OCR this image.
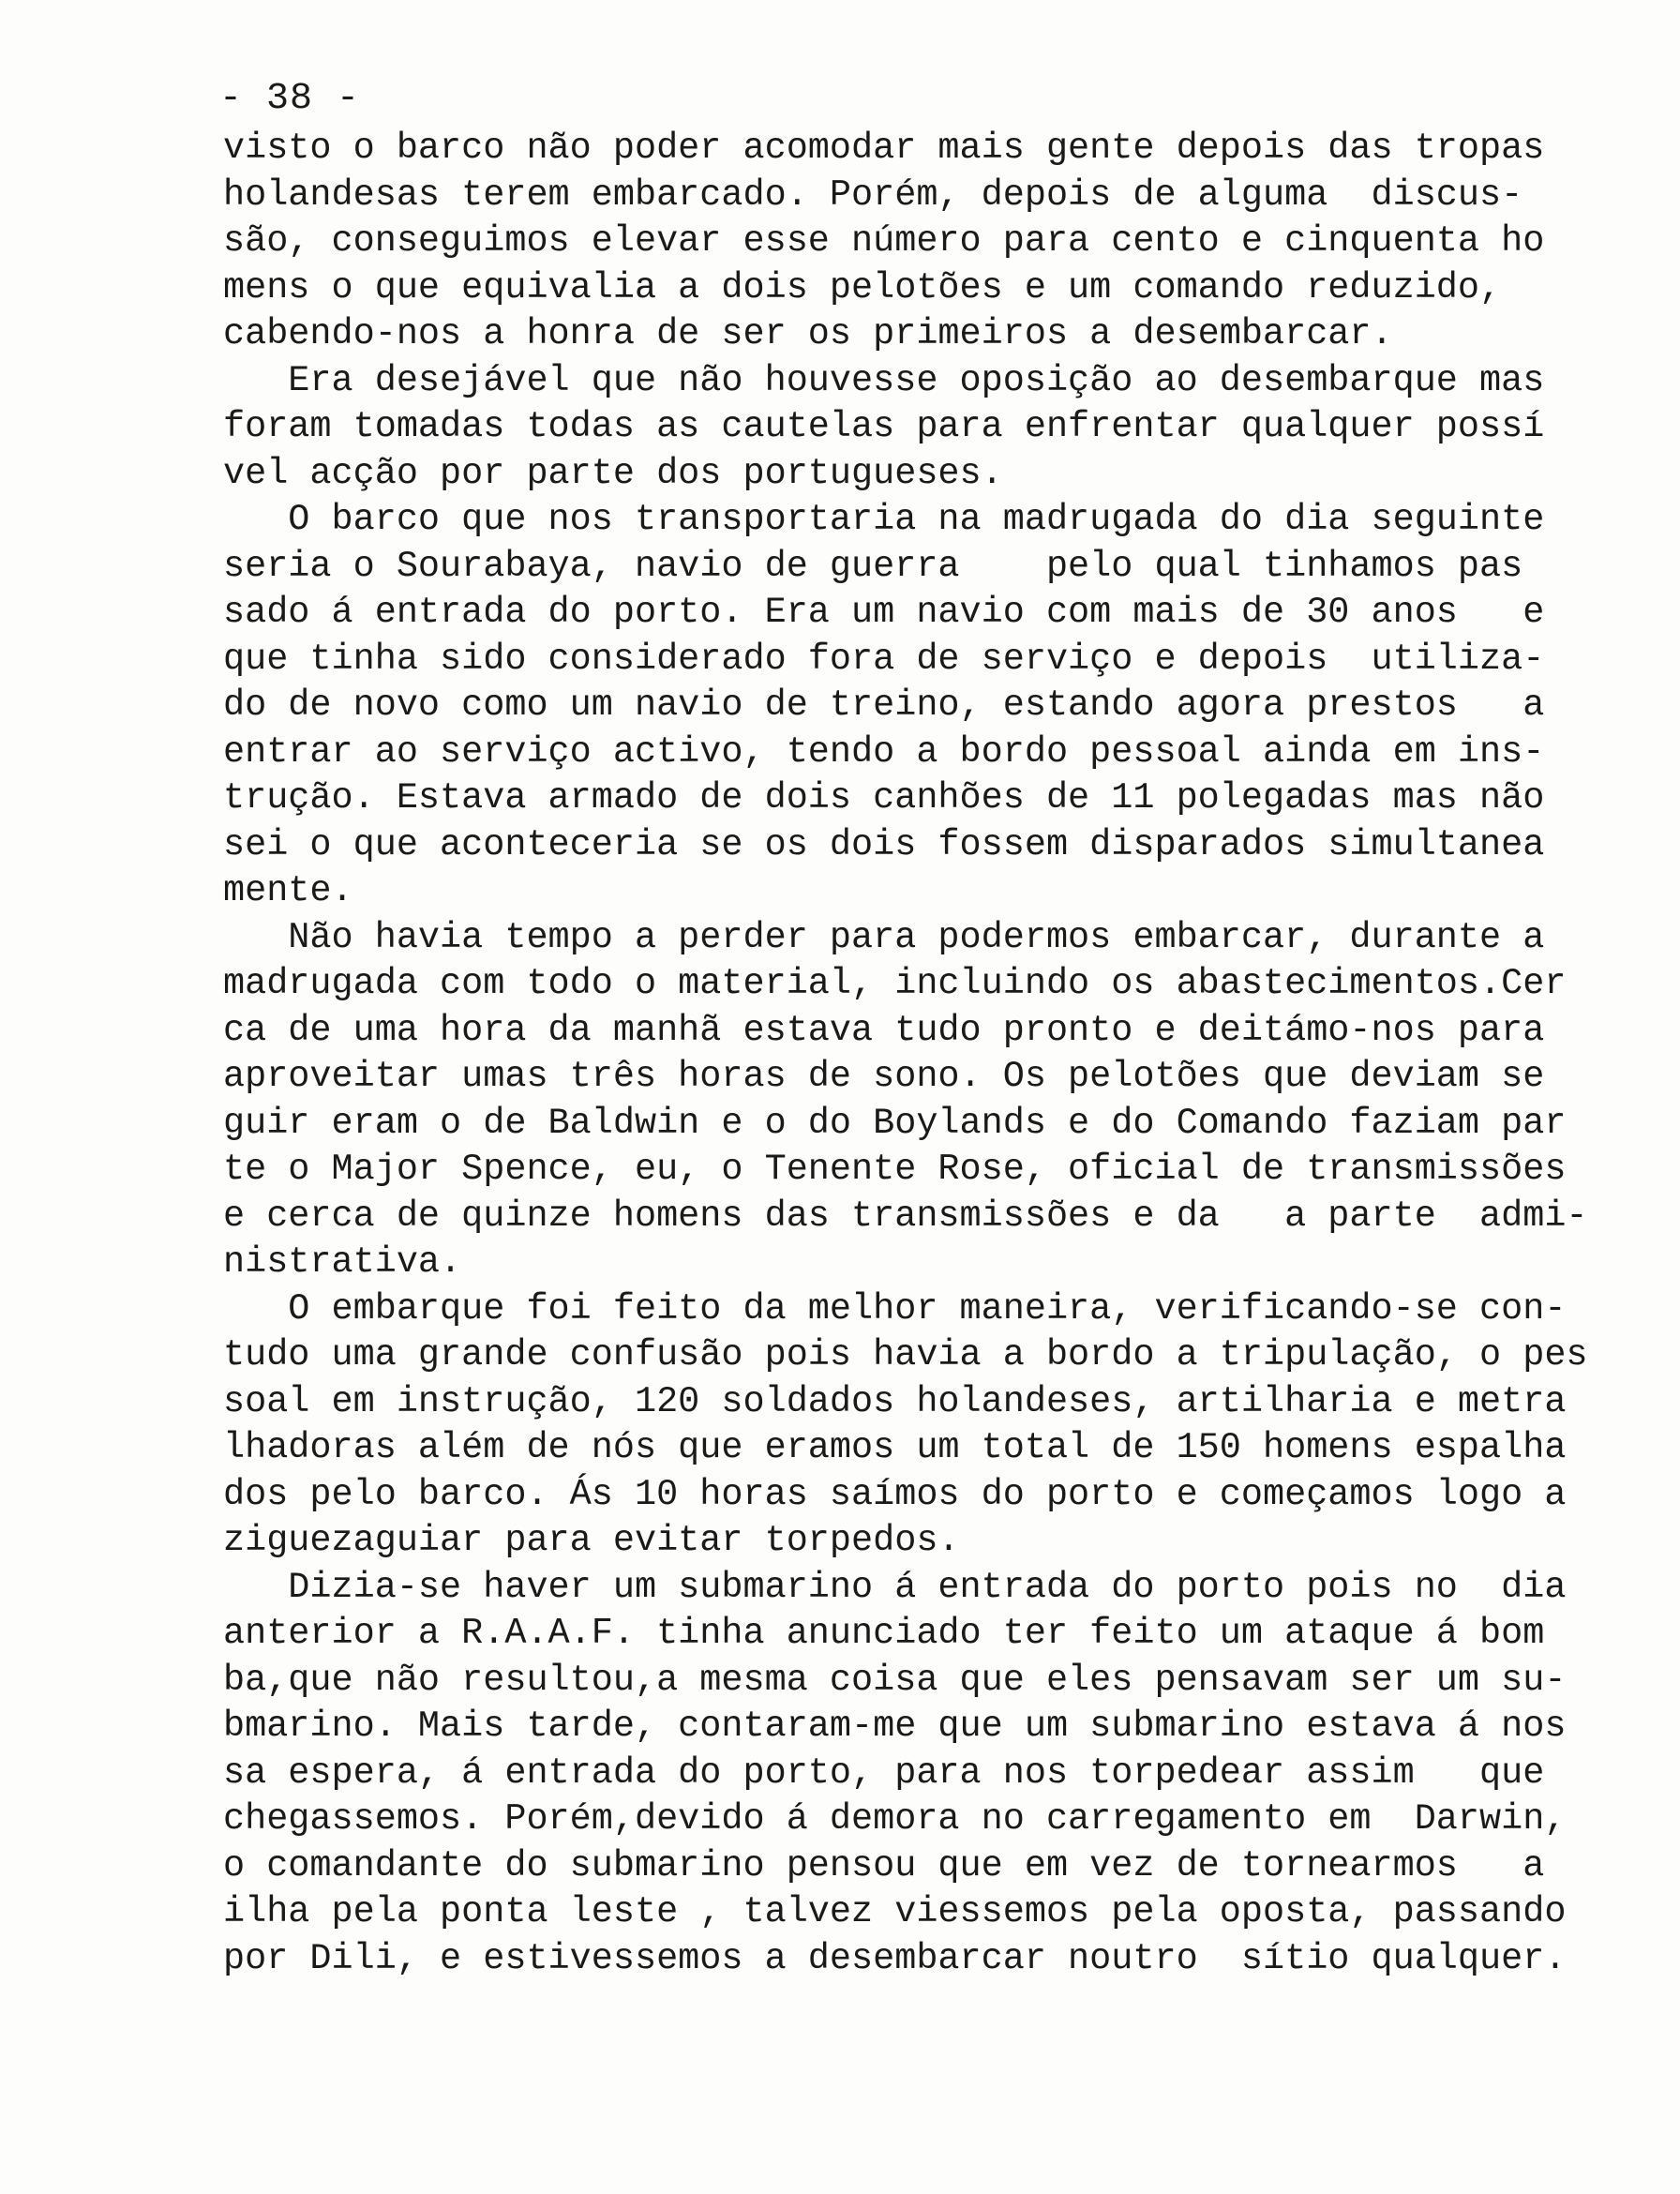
- 38 -
visto o barco não poder acomodar mais gente depois das tropas
holandesas terem embarcado. Porém, depois de alguma  discus-
são, conseguimos elevar esse número para cento e cinquenta ho
mens o que equivalia a dois pelotões e um comando reduzido,
cabendo-nos a honra de ser os primeiros a desembarcar.
Era desejável que não houvesse oposição ao desembarque mas
foram tomadas todas as cautelas para enfrentar qualquer possí
vel acção por parte dos portugueses.
O barco que nos transportaria na madrugada do dia seguinte
seria o Sourabaya, navio de guerra    pelo qual tinhamos pas
sado á entrada do porto. Era um navio com mais de 30 anos   e
que tinha sido considerado fora de serviço e depois  utiliza-
do de novo como um navio de treino, estando agora prestos   a
entrar ao serviço activo, tendo a bordo pessoal ainda em ins-
trução. Estava armado de dois canhões de 11 polegadas mas não
sei o que aconteceria se os dois fossem disparados simultanea
mente.
Não havia tempo a perder para podermos embarcar, durante a
madrugada com todo o material, incluindo os abastecimentos.Cer
ca de uma hora da manhã estava tudo pronto e deitámo-nos para
aproveitar umas três horas de sono. Os pelotões que deviam se
guir eram o de Baldwin e o do Boylands e do Comando faziam par
te o Major Spence, eu, o Tenente Rose, oficial de transmissões
e cerca de quinze homens das transmissões e da   a parte  admi-
nistrativa.
O embarque foi feito da melhor maneira, verificando-se con-
tudo uma grande confusão pois havia a bordo a tripulação, o pes
soal em instrução, 120 soldados holandeses, artilharia e metra
lhadoras além de nós que eramos um total de 150 homens espalha
dos pelo barco. Ás 10 horas saímos do porto e começamos logo a
ziguezaguiar para evitar torpedos.
Dizia-se haver um submarino á entrada do porto pois no  dia
anterior a R.A.A.F. tinha anunciado ter feito um ataque á bom
ba,que não resultou,a mesma coisa que eles pensavam ser um su-
bmarino. Mais tarde, contaram-me que um submarino estava á nos
sa espera, á entrada do porto, para nos torpedear assim   que
chegassemos. Porém,devido á demora no carregamento em  Darwin,
o comandante do submarino pensou que em vez de tornearmos   a
ilha pela ponta leste , talvez viessemos pela oposta, passando
por Dili, e estivessemos a desembarcar noutro  sítio qualquer.
